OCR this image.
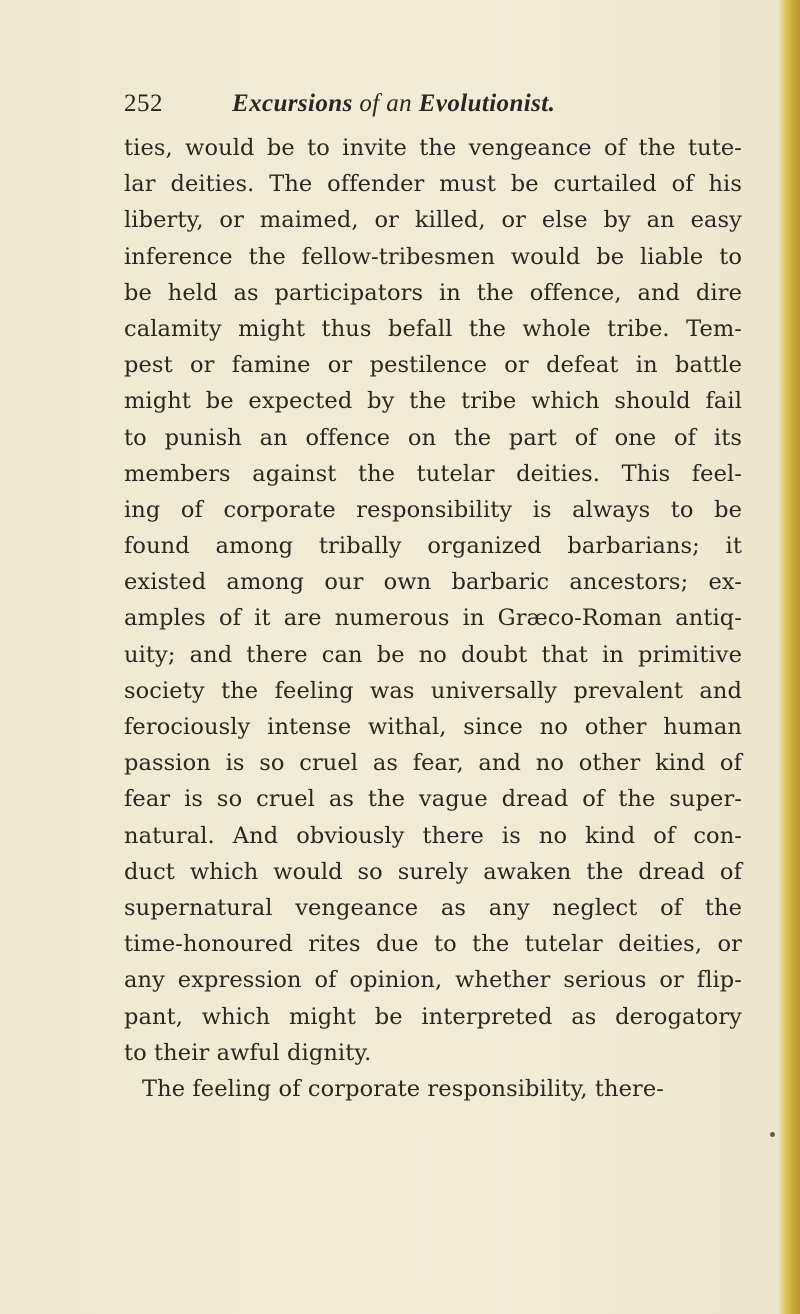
252	Excursions of an Evolutionist.
ties, would be to invite the vengeance of the tute-
lar deities. The offender must be curtailed of his
liberty, or maimed, or killed, or else by an easy
inference the fellow-tribesmen would be liable to
be held as participators in the offence, and dire
calamity might thus befall the whole tribe. Tem-
pest or famine or pestilence or defeat in battle
might be expected by the tribe which should fail
to punish an offence on the part of one of its
members against the tutelar deities. This feel-
ing of corporate responsibility is always to be
found among tribally organized barbarians; it
existed among our own barbaric ancestors; ex-
amples of it are numerous in Græco-Roman antiq-
uity; and there can be no doubt that in primitive
society the feeling was universally prevalent and
ferociously intense withal, since no other human
passion is so cruel as fear, and no other kind of
fear is so cruel as the vague dread of the super-
natural. And obviously there is no kind of con-
duct which would so surely awaken the dread of
supernatural vengeance as any neglect of the
time-honoured rites due to the tutelar deities, or
any expression of opinion, whether serious or flip-
pant, which might be interpreted as derogatory
to their awful dignity.
The feeling of corporate responsibility, there-
